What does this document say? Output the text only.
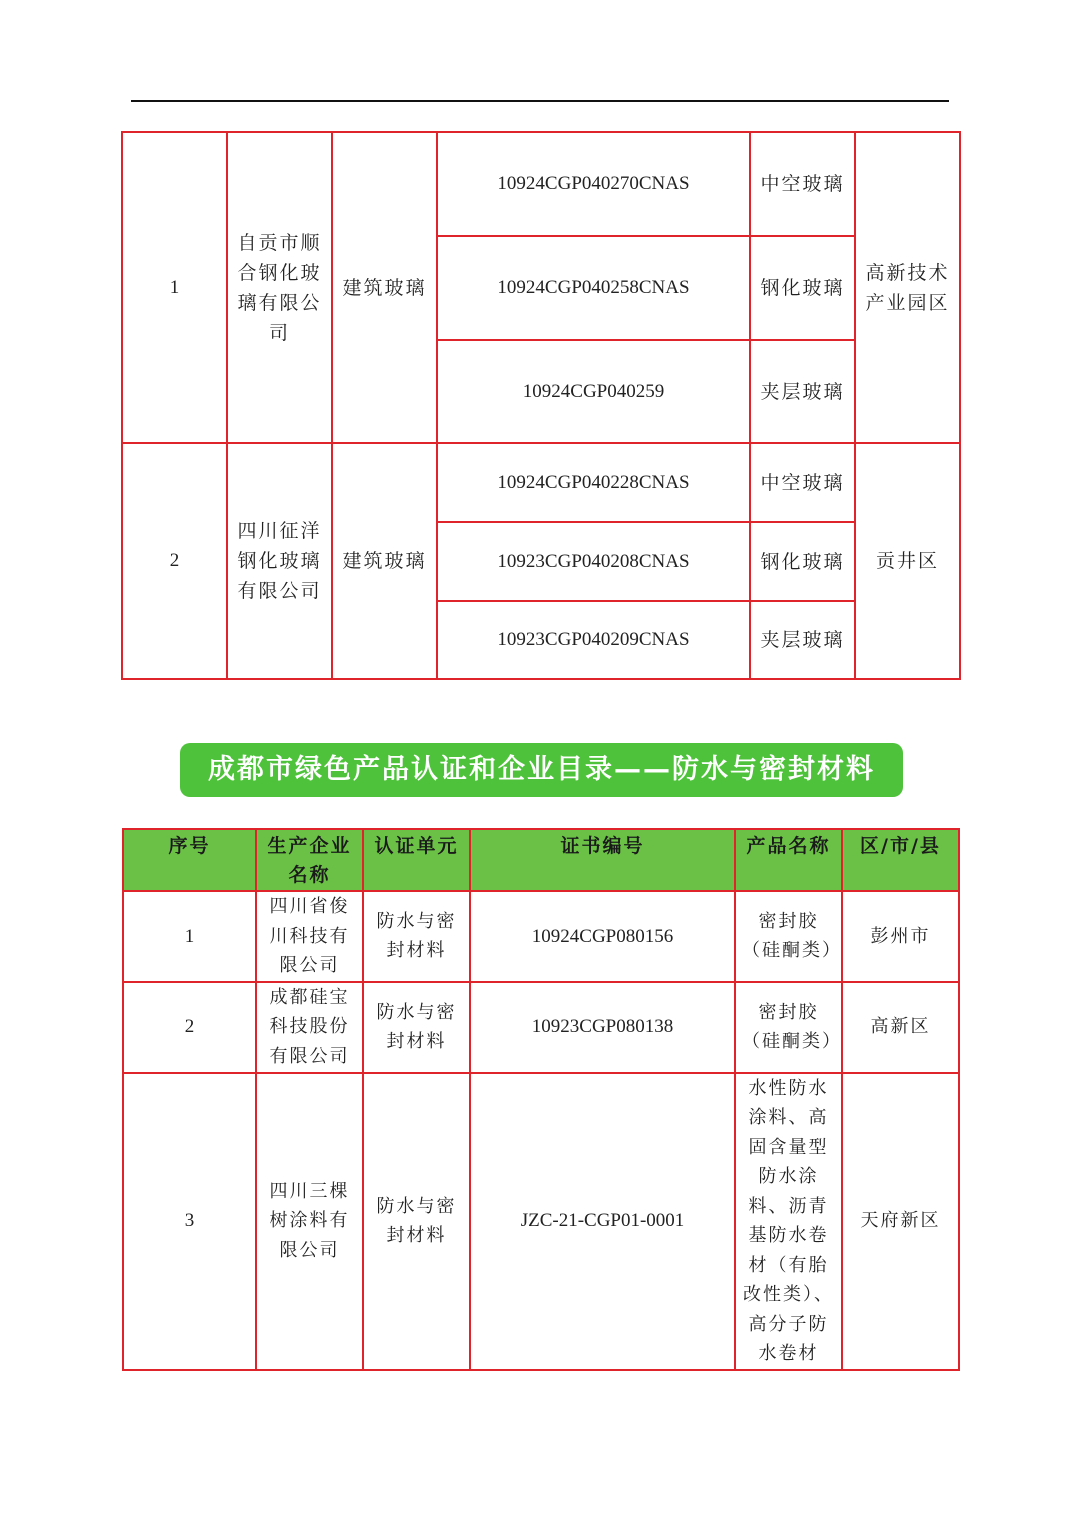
1	自贡市顺合钢化玻璃有限公司	建筑玻璃	10924CGP040270CNAS	中空玻璃	高新技术产业园区
			10924CGP040258CNAS	钢化玻璃	
			10924CGP040259	夹层玻璃	
2	四川征洋钢化玻璃有限公司	建筑玻璃	10924CGP040228CNAS	中空玻璃	贡井区
			10923CGP040208CNAS	钢化玻璃	
			10923CGP040209CNAS	夹层玻璃	
成都市绿色产品认证和企业目录——防水与密封材料
序号	生产企业名称	认证单元	证书编号	产品名称	区/市/县
1	四川省俊川科技有限公司	防水与密封材料	10924CGP080156	密封胶（硅酮类）	彭州市
2	成都硅宝科技股份有限公司	防水与密封材料	10923CGP080138	密封胶（硅酮类）	高新区
3	四川三棵树涂料有限公司	防水与密封材料	JZC-21-CGP01-0001	水性防水涂料、高固含量型防水涂料、沥青基防水卷材（有胎改性类）、高分子防水卷材	天府新区
